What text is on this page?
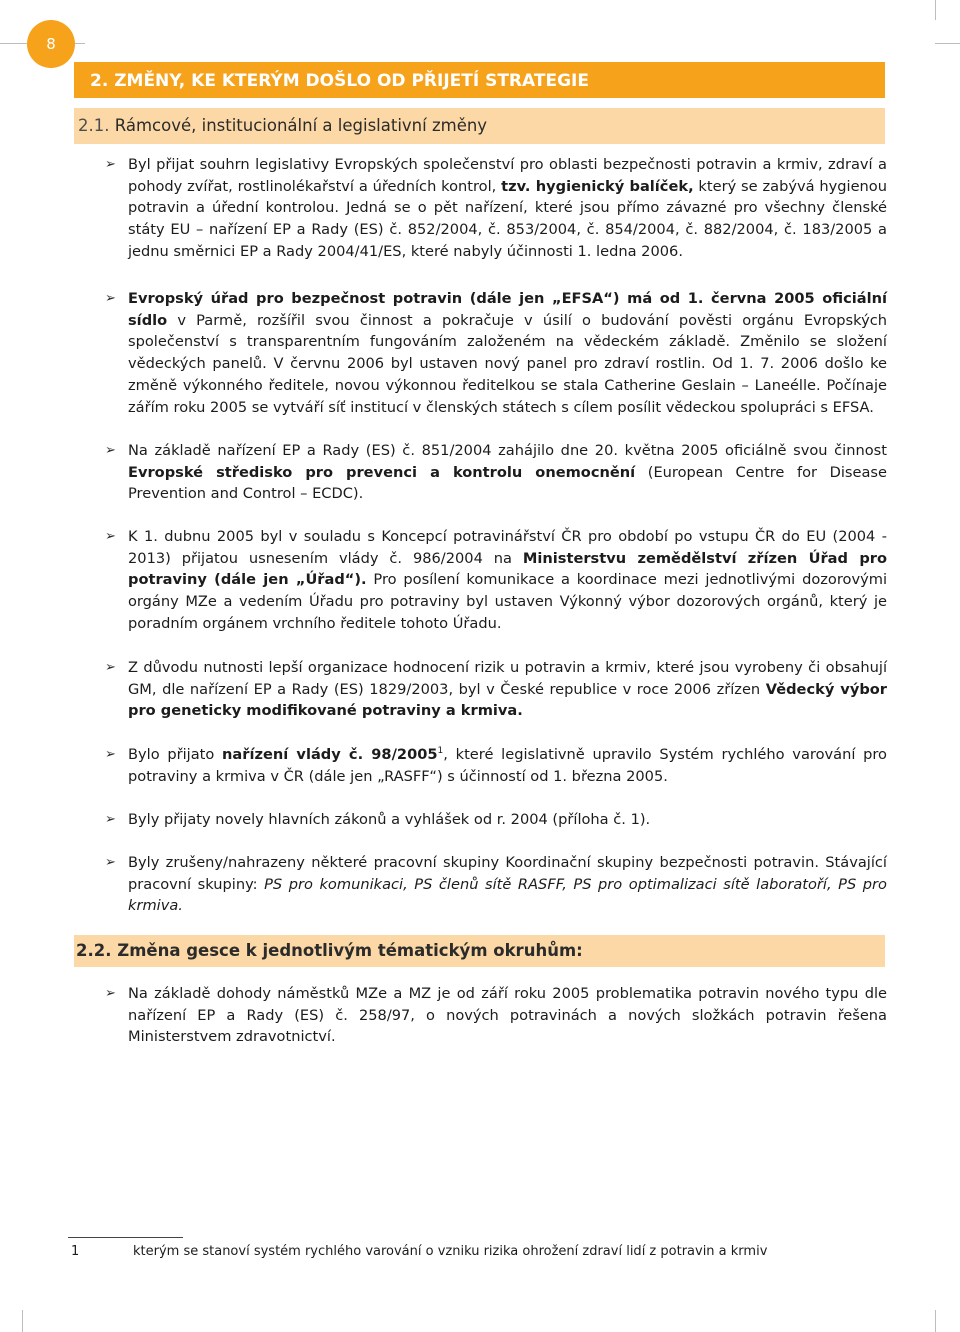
8
2. ZMĚNY, KE KTERÝM DOŠLO OD PŘIJETÍ STRATEGIE
2.1. Rámcové, institucionální a legislativní změny
➢ Byl přijat souhrn legislativy Evropských společenství pro oblasti bezpečnosti potravin a krmiv, zdraví a pohody zvířat, rostlinolékařství a úředních kontrol, tzv. hygienický balíček, který se zabývá hygienou potravin a úřední kontrolou. Jedná se o pět nařízení, které jsou přímo závazné pro všechny členské státy EU – nařízení EP a Rady (ES) č. 852/2004, č. 853/2004, č. 854/2004, č. 882/2004, č. 183/2005 a jednu směrnici EP a Rady 2004/41/ES, které nabyly účinnosti 1. ledna 2006.
➢ Evropský úřad pro bezpečnost potravin (dále jen „EFSA“) má od 1. června 2005 oficiální sídlo v Parmě, rozšířil svou činnost a pokračuje v úsilí o budování pověsti orgánu Evropských společenství s transparentním fungováním založeném na vědeckém základě. Změnilo se složení vědeckých panelů. V červnu 2006 byl ustaven nový panel pro zdraví rostlin. Od 1. 7. 2006 došlo ke změně výkonného ředitele, novou výkonnou ředitelkou se stala Catherine Geslain – Laneélle. Počínaje zářím roku 2005 se vytváří síť institucí v členských státech s cílem posílit vědeckou spolupráci s EFSA.
➢ Na základě nařízení EP a Rady (ES) č. 851/2004 zahájilo dne 20. května 2005 oficiálně svou činnost Evropské středisko pro prevenci a kontrolu onemocnění (European Centre for Disease Prevention and Control – ECDC).
➢ K 1. dubnu 2005 byl v souladu s Koncepcí potravinářství ČR pro období po vstupu ČR do EU (2004 - 2013) přijatou usnesením vlády č. 986/2004 na Ministerstvu zemědělství zřízen Úřad pro potraviny (dále jen „Úřad“). Pro posílení komunikace a koordinace mezi jednotlivými dozorovými orgány MZe a vedením Úřadu pro potraviny byl ustaven Výkonný výbor dozorových orgánů, který je poradním orgánem vrchního ředitele tohoto Úřadu.
➢ Z důvodu nutnosti lepší organizace hodnocení rizik u potravin a krmiv, které jsou vyrobeny či obsahují GM, dle nařízení EP a Rady (ES) 1829/2003, byl v České republice v roce 2006 zřízen Vědecký výbor pro geneticky modifikované potraviny a krmiva.
➢ Bylo přijato nařízení vlády č. 98/2005$^1$, které legislativně upravilo Systém rychlého varování pro potraviny a krmiva v ČR (dále jen „RASFF“) s účinností od 1. března 2005.
➢ Byly přijaty novely hlavních zákonů a vyhlášek od r. 2004 (příloha č. 1).
➢ Byly zrušeny/nahrazeny některé pracovní skupiny Koordinační skupiny bezpečnosti potravin. Stávající pracovní skupiny: PS pro komunikaci, PS členů sítě RASFF, PS pro optimalizaci sítě laboratoří, PS pro krmiva.
2.2. Změna gesce k jednotlivým tématickým okruhům:
➢ Na základě dohody náměstků MZe a MZ je od září roku 2005 problematika potravin nového typu dle nařízení EP a Rady (ES) č. 258/97, o nových potravinách a nových složkách potravin řešena Ministerstvem zdravotnictví.
1	kterým se stanoví systém rychlého varování o vzniku rizika ohrožení zdraví lidí z potravin a krmiv
